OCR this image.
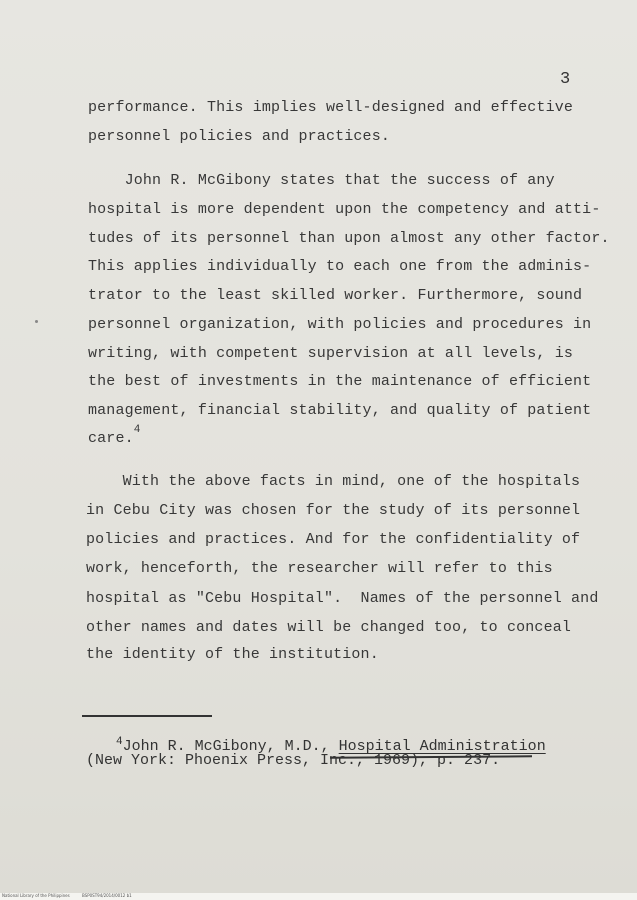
3
performance. This implies well-designed and effective
personnel policies and practices.
John R. McGibony states that the success of any
hospital is more dependent upon the competency and atti-
tudes of its personnel than upon almost any other factor.
This applies individually to each one from the adminis-
trator to the least skilled worker. Furthermore, sound
personnel organization, with policies and procedures in
writing, with competent supervision at all levels, is
the best of investments in the maintenance of efficient
management, financial stability, and quality of patient
care.$^4$
With the above facts in mind, one of the hospitals
in Cebu City was chosen for the study of its personnel
policies and practices. And for the confidentiality of
work, henceforth, the researcher will refer to this
hospital as "Cebu Hospital".  Names of the personnel and
other names and dates will be changed too, to conceal
the identity of the institution.
$^4$John R. McGibony, M.D., Hospital Administration
(New York: Phoenix Press, Inc., 1969), p. 237.
National Library of the Philippines	BSP0ST94/2014/0012 b1
